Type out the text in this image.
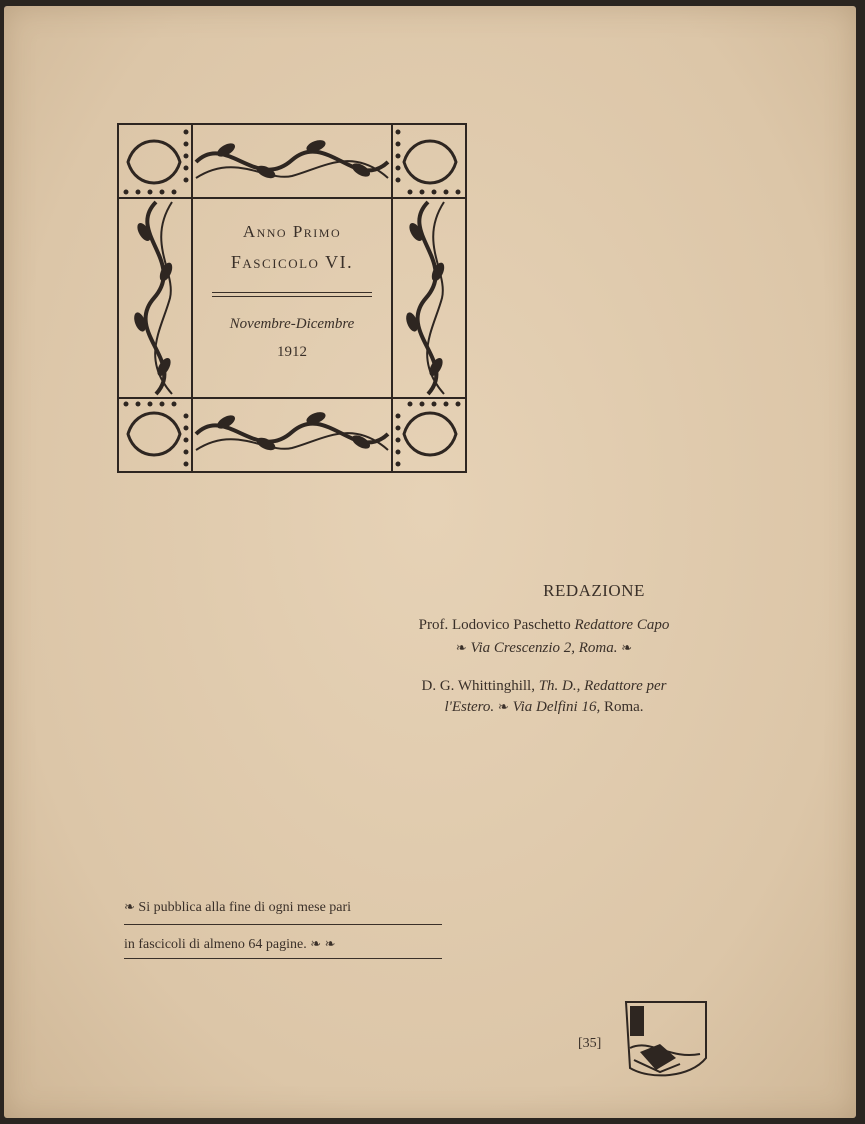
Anno Primo
Fascicolo VI.
Novembre-Dicembre
1912
REDAZIONE
Prof. Lodovico Paschetto Redattore Capo
❧ Via Crescenzio 2, Roma. ❧
D. G. Whittinghill, Th. D., Redattore per
l'Estero. ❧ Via Delfini 16, Roma.
❧ Si pubblica alla fine di ogni mese pari
in fascicoli di almeno 64 pagine. ❧ ❧
[35]
